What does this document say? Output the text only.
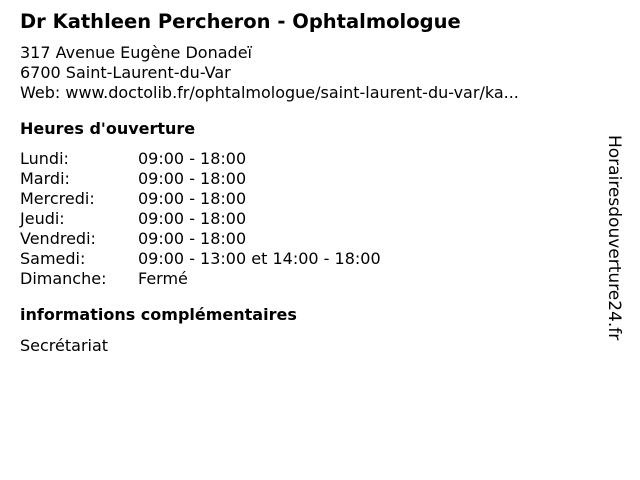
Dr Kathleen Percheron - Ophtalmologue
317 Avenue Eugène Donadeï
6700 Saint-Laurent-du-Var
Web: www.doctolib.fr/ophtalmologue/saint-laurent-du-var/ka...
Heures d'ouverture
Lundi:	09:00 - 18:00
Mardi:	09:00 - 18:00
Mercredi:	09:00 - 18:00
Jeudi:	09:00 - 18:00
Vendredi:	09:00 - 18:00
Samedi:	09:00 - 13:00 et 14:00 - 18:00
Dimanche:	Fermé
informations complémentaires
Secrétariat
Horairesdouverture24.fr
